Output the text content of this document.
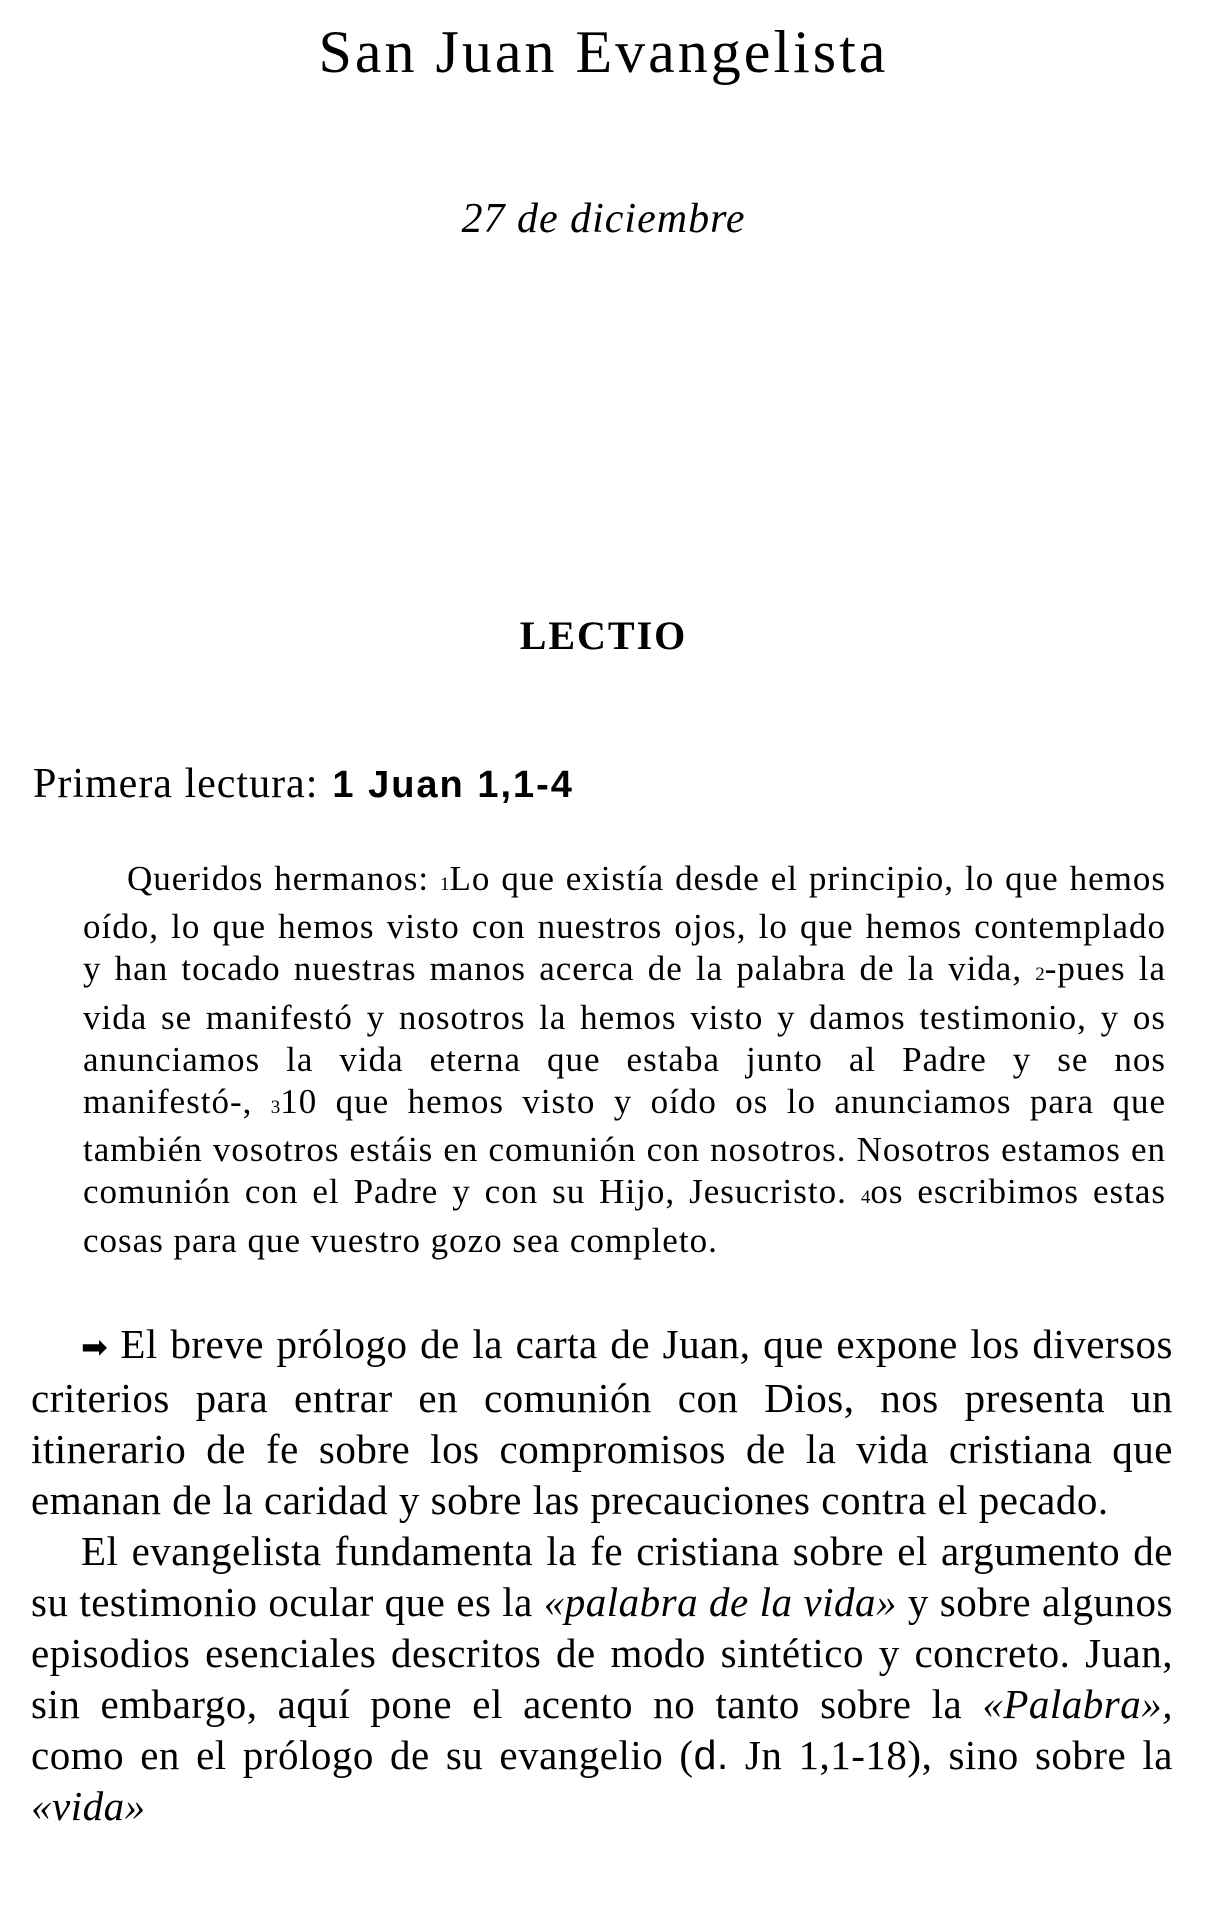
San Juan Evangelista
27 de diciembre
LECTIO
Primera lectura: 1 Juan 1,1-4
Queridos hermanos: 1Lo que existía desde el principio, lo que hemos oído, lo que hemos visto con nuestros ojos, lo que hemos contemplado y han tocado nuestras manos acerca de la palabra de la vida, 2-pues la vida se manifestó y nosotros la hemos visto y damos testimonio, y os anunciamos la vida eterna que estaba junto al Padre y se nos manifestó-, 310 que hemos visto y oído os lo anunciamos para que también vosotros estáis en comunión con nosotros. Nosotros estamos en comunión con el Padre y con su Hijo, Jesucristo. 4os escribimos estas cosas para que vuestro gozo sea completo.

➡ El breve prólogo de la carta de Juan, que expone los diversos criterios para entrar en comunión con Dios, nos presenta un itinerario de fe sobre los compromisos de la vida cristiana que emanan de la caridad y sobre las precauciones contra el pecado.

El evangelista fundamenta la fe cristiana sobre el argumento de su testimonio ocular que es la «palabra de la vida» y sobre algunos episodios esenciales descritos de modo sintético y concreto. Juan, sin embargo, aquí pone el acento no tanto sobre la «Palabra», como en el prólogo de su evangelio (d. Jn 1,1-18), sino sobre la «vida»
